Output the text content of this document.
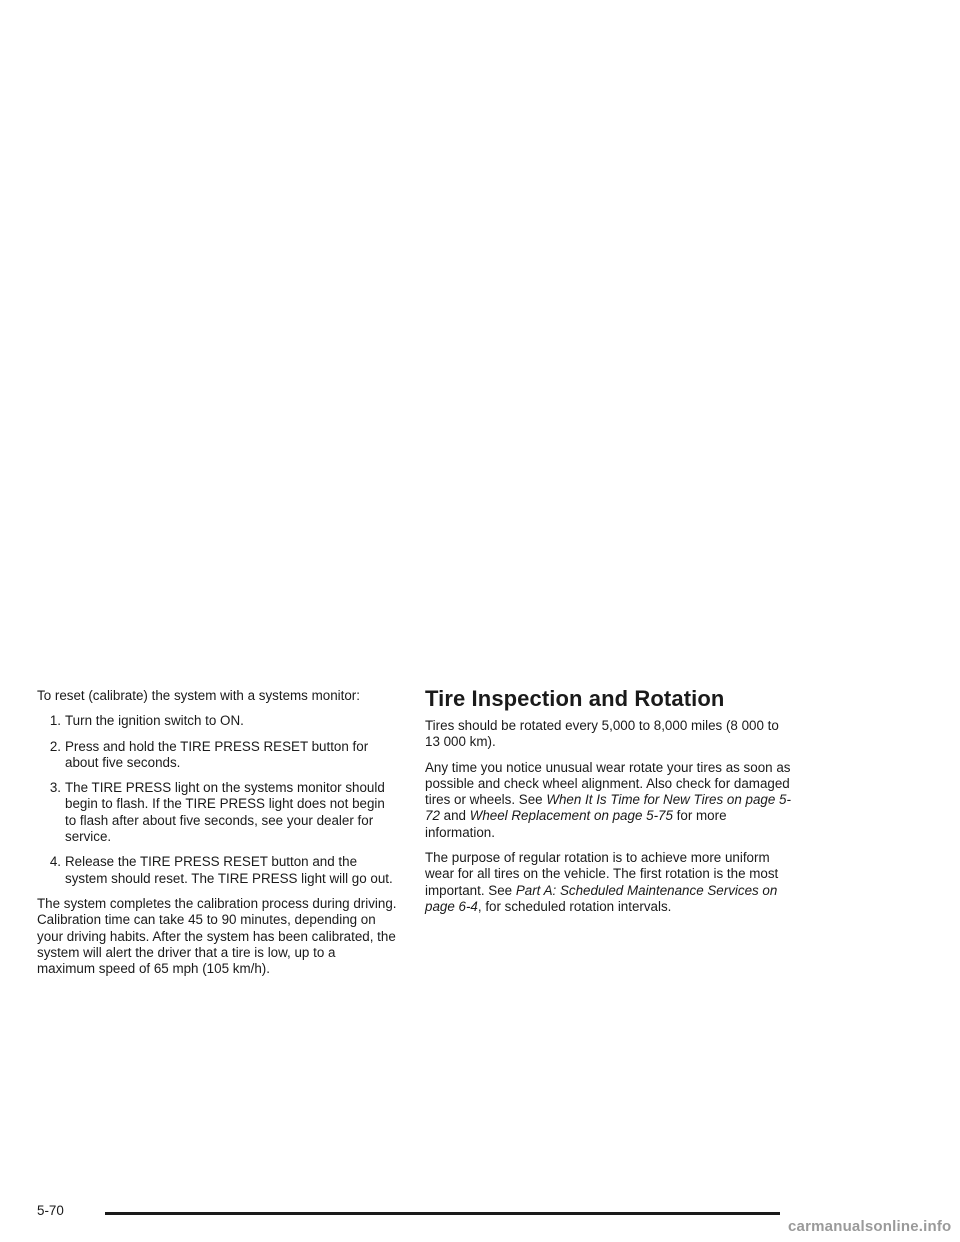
To reset (calibrate) the system with a systems monitor:

1. Turn the ignition switch to ON.
2. Press and hold the TIRE PRESS RESET button for about five seconds.
3. The TIRE PRESS light on the systems monitor should begin to flash. If the TIRE PRESS light does not begin to flash after about five seconds, see your dealer for service.
4. Release the TIRE PRESS RESET button and the system should reset. The TIRE PRESS light will go out.

The system completes the calibration process during driving. Calibration time can take 45 to 90 minutes, depending on your driving habits. After the system has been calibrated, the system will alert the driver that a tire is low, up to a maximum speed of 65 mph (105 km/h).

Tire Inspection and Rotation

Tires should be rotated every 5,000 to 8,000 miles (8 000 to 13 000 km).

Any time you notice unusual wear rotate your tires as soon as possible and check wheel alignment. Also check for damaged tires or wheels. See When It Is Time for New Tires on page 5-72 and Wheel Replacement on page 5-75 for more information.

The purpose of regular rotation is to achieve more uniform wear for all tires on the vehicle. The first rotation is the most important. See Part A: Scheduled Maintenance Services on page 6-4, for scheduled rotation intervals.

5-70
carmanualsonline.info
